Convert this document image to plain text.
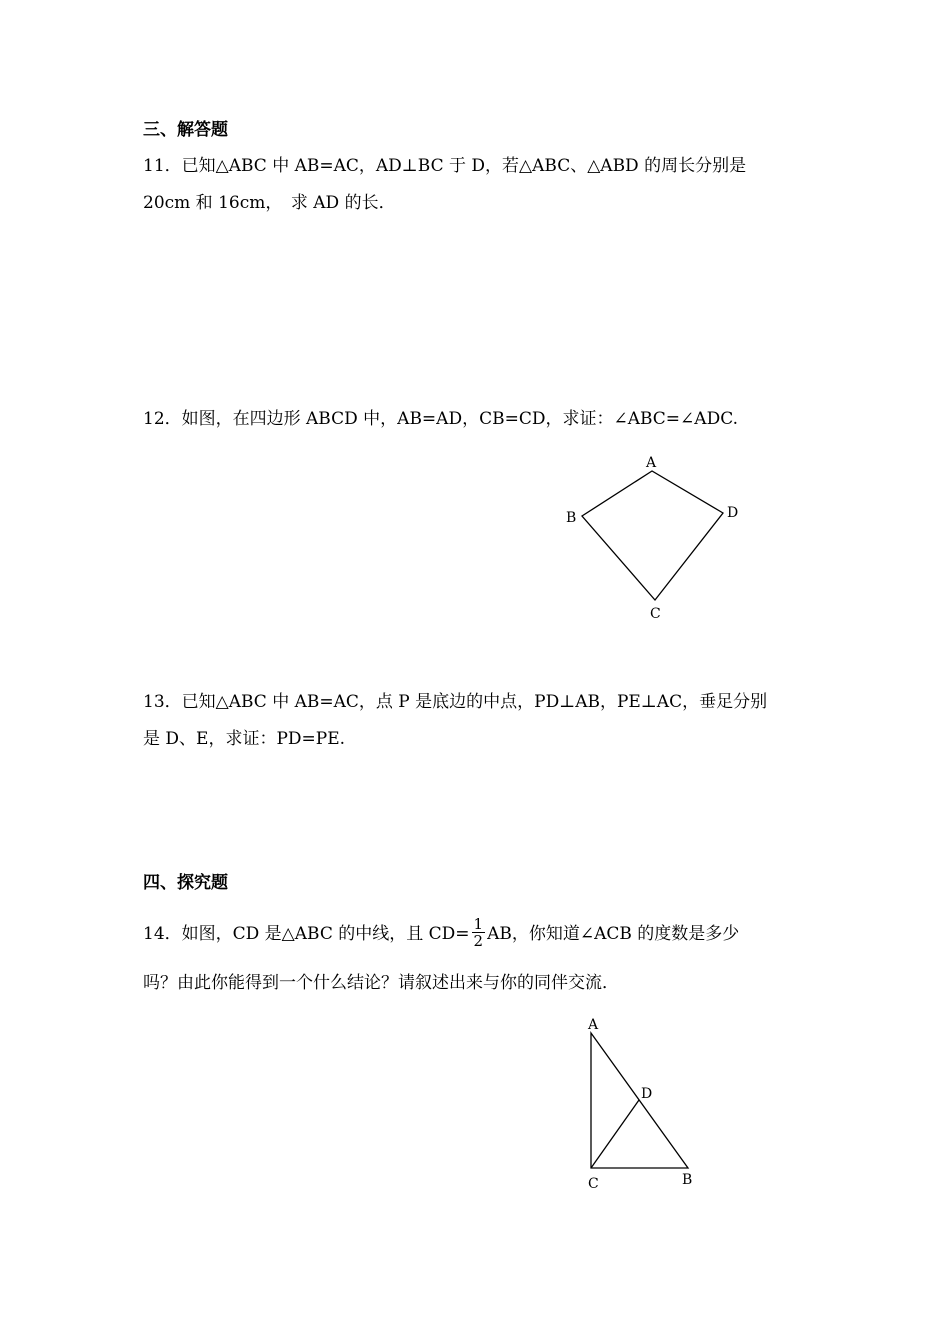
三、解答题
11．已知△ABC 中 AB=AC，AD⊥BC 于 D，若△ABC、△ABD 的周长分别是
20cm 和 16cm，　求 AD 的长．
12．如图，在四边形 ABCD 中，AB=AD，CB=CD，求证：∠ABC=∠ADC.
A
B
C
D
13．已知△ABC 中 AB=AC，点 P 是底边的中点，PD⊥AB，PE⊥AC，垂足分别
是 D、E，求证：PD=PE.
四、探究题
14．如图，CD 是△ABC 的中线，且 $CD= \frac{1}{2}$ AB，你知道∠ACB 的度数是多少
吗？由此你能得到一个什么结论？请叙述出来与你的同伴交流．
A
D
C	B
